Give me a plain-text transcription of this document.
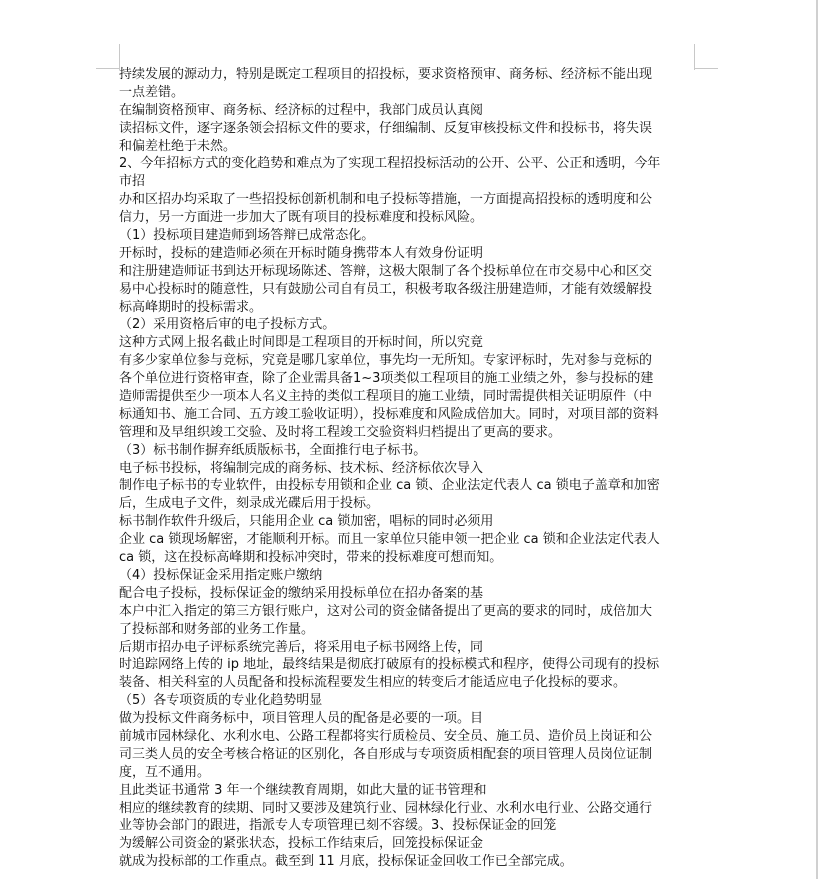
持续发展的源动力，特别是既定工程项目的招投标，要求资格预审、商务标、经济标不能出现
一点差错。
在编制资格预审、商务标、经济标的过程中，我部门成员认真阅
读招标文件，逐字逐条领会招标文件的要求，仔细编制、反复审核投标文件和投标书，将失误
和偏差杜绝于未然。
2、今年招标方式的变化趋势和难点为了实现工程招投标活动的公开、公平、公正和透明，今年
市招
办和区招办均采取了一些招投标创新机制和电子投标等措施，一方面提高招投标的透明度和公
信力，另一方面进一步加大了既有项目的投标难度和投标风险。
（1）投标项目建造师到场答辩已成常态化。
开标时，投标的建造师必须在开标时随身携带本人有效身份证明
和注册建造师证书到达开标现场陈述、答辩，这极大限制了各个投标单位在市交易中心和区交
易中心投标时的随意性，只有鼓励公司自有员工，积极考取各级注册建造师，才能有效缓解投
标高峰期时的投标需求。
（2）采用资格后审的电子投标方式。
这种方式网上报名截止时间即是工程项目的开标时间，所以究竟
有多少家单位参与竞标，究竟是哪几家单位，事先均一无所知。专家评标时，先对参与竞标的
各个单位进行资格审查，除了企业需具备1~3项类似工程项目的施工业绩之外，参与投标的建
造师需提供至少一项本人名义主持的类似工程项目的施工业绩，同时需提供相关证明原件（中
标通知书、施工合同、五方竣工验收证明），投标难度和风险成倍加大。同时，对项目部的资料
管理和及早组织竣工交验、及时将工程竣工交验资料归档提出了更高的要求。
（3）标书制作摒弃纸质版标书，全面推行电子标书。
电子标书投标，将编制完成的商务标、技术标、经济标依次导入
制作电子标书的专业软件，由投标专用锁和企业 ca 锁、企业法定代表人 ca 锁电子盖章和加密
后，生成电子文件，刻录成光碟后用于投标。
标书制作软件升级后，只能用企业 ca 锁加密，唱标的同时必须用
企业 ca 锁现场解密，才能顺利开标。而且一家单位只能申领一把企业 ca 锁和企业法定代表人
ca 锁，这在投标高峰期和投标冲突时，带来的投标难度可想而知。
（4）投标保证金采用指定账户缴纳
配合电子投标，投标保证金的缴纳采用投标单位在招办备案的基
本户中汇入指定的第三方银行账户，这对公司的资金储备提出了更高的要求的同时，成倍加大
了投标部和财务部的业务工作量。
后期市招办电子评标系统完善后，将采用电子标书网络上传，同
时追踪网络上传的 ip 地址，最终结果是彻底打破原有的投标模式和程序，使得公司现有的投标
装备、相关科室的人员配备和投标流程要发生相应的转变后才能适应电子化投标的要求。
（5）各专项资质的专业化趋势明显
做为投标文件商务标中，项目管理人员的配备是必要的一项。目
前城市园林绿化、水利水电、公路工程都将实行质检员、安全员、施工员、造价员上岗证和公
司三类人员的安全考核合格证的区别化，各自形成与专项资质相配套的项目管理人员岗位证制
度，互不通用。
且此类证书通常 3 年一个继续教育周期，如此大量的证书管理和
相应的继续教育的续期、同时又要涉及建筑行业、园林绿化行业、水利水电行业、公路交通行
业等协会部门的跟进，指派专人专项管理已刻不容缓。3、投标保证金的回笼
为缓解公司资金的紧张状态，投标工作结束后，回笼投标保证金
就成为投标部的工作重点。截至到 11 月底，投标保证金回收工作已全部完成。
